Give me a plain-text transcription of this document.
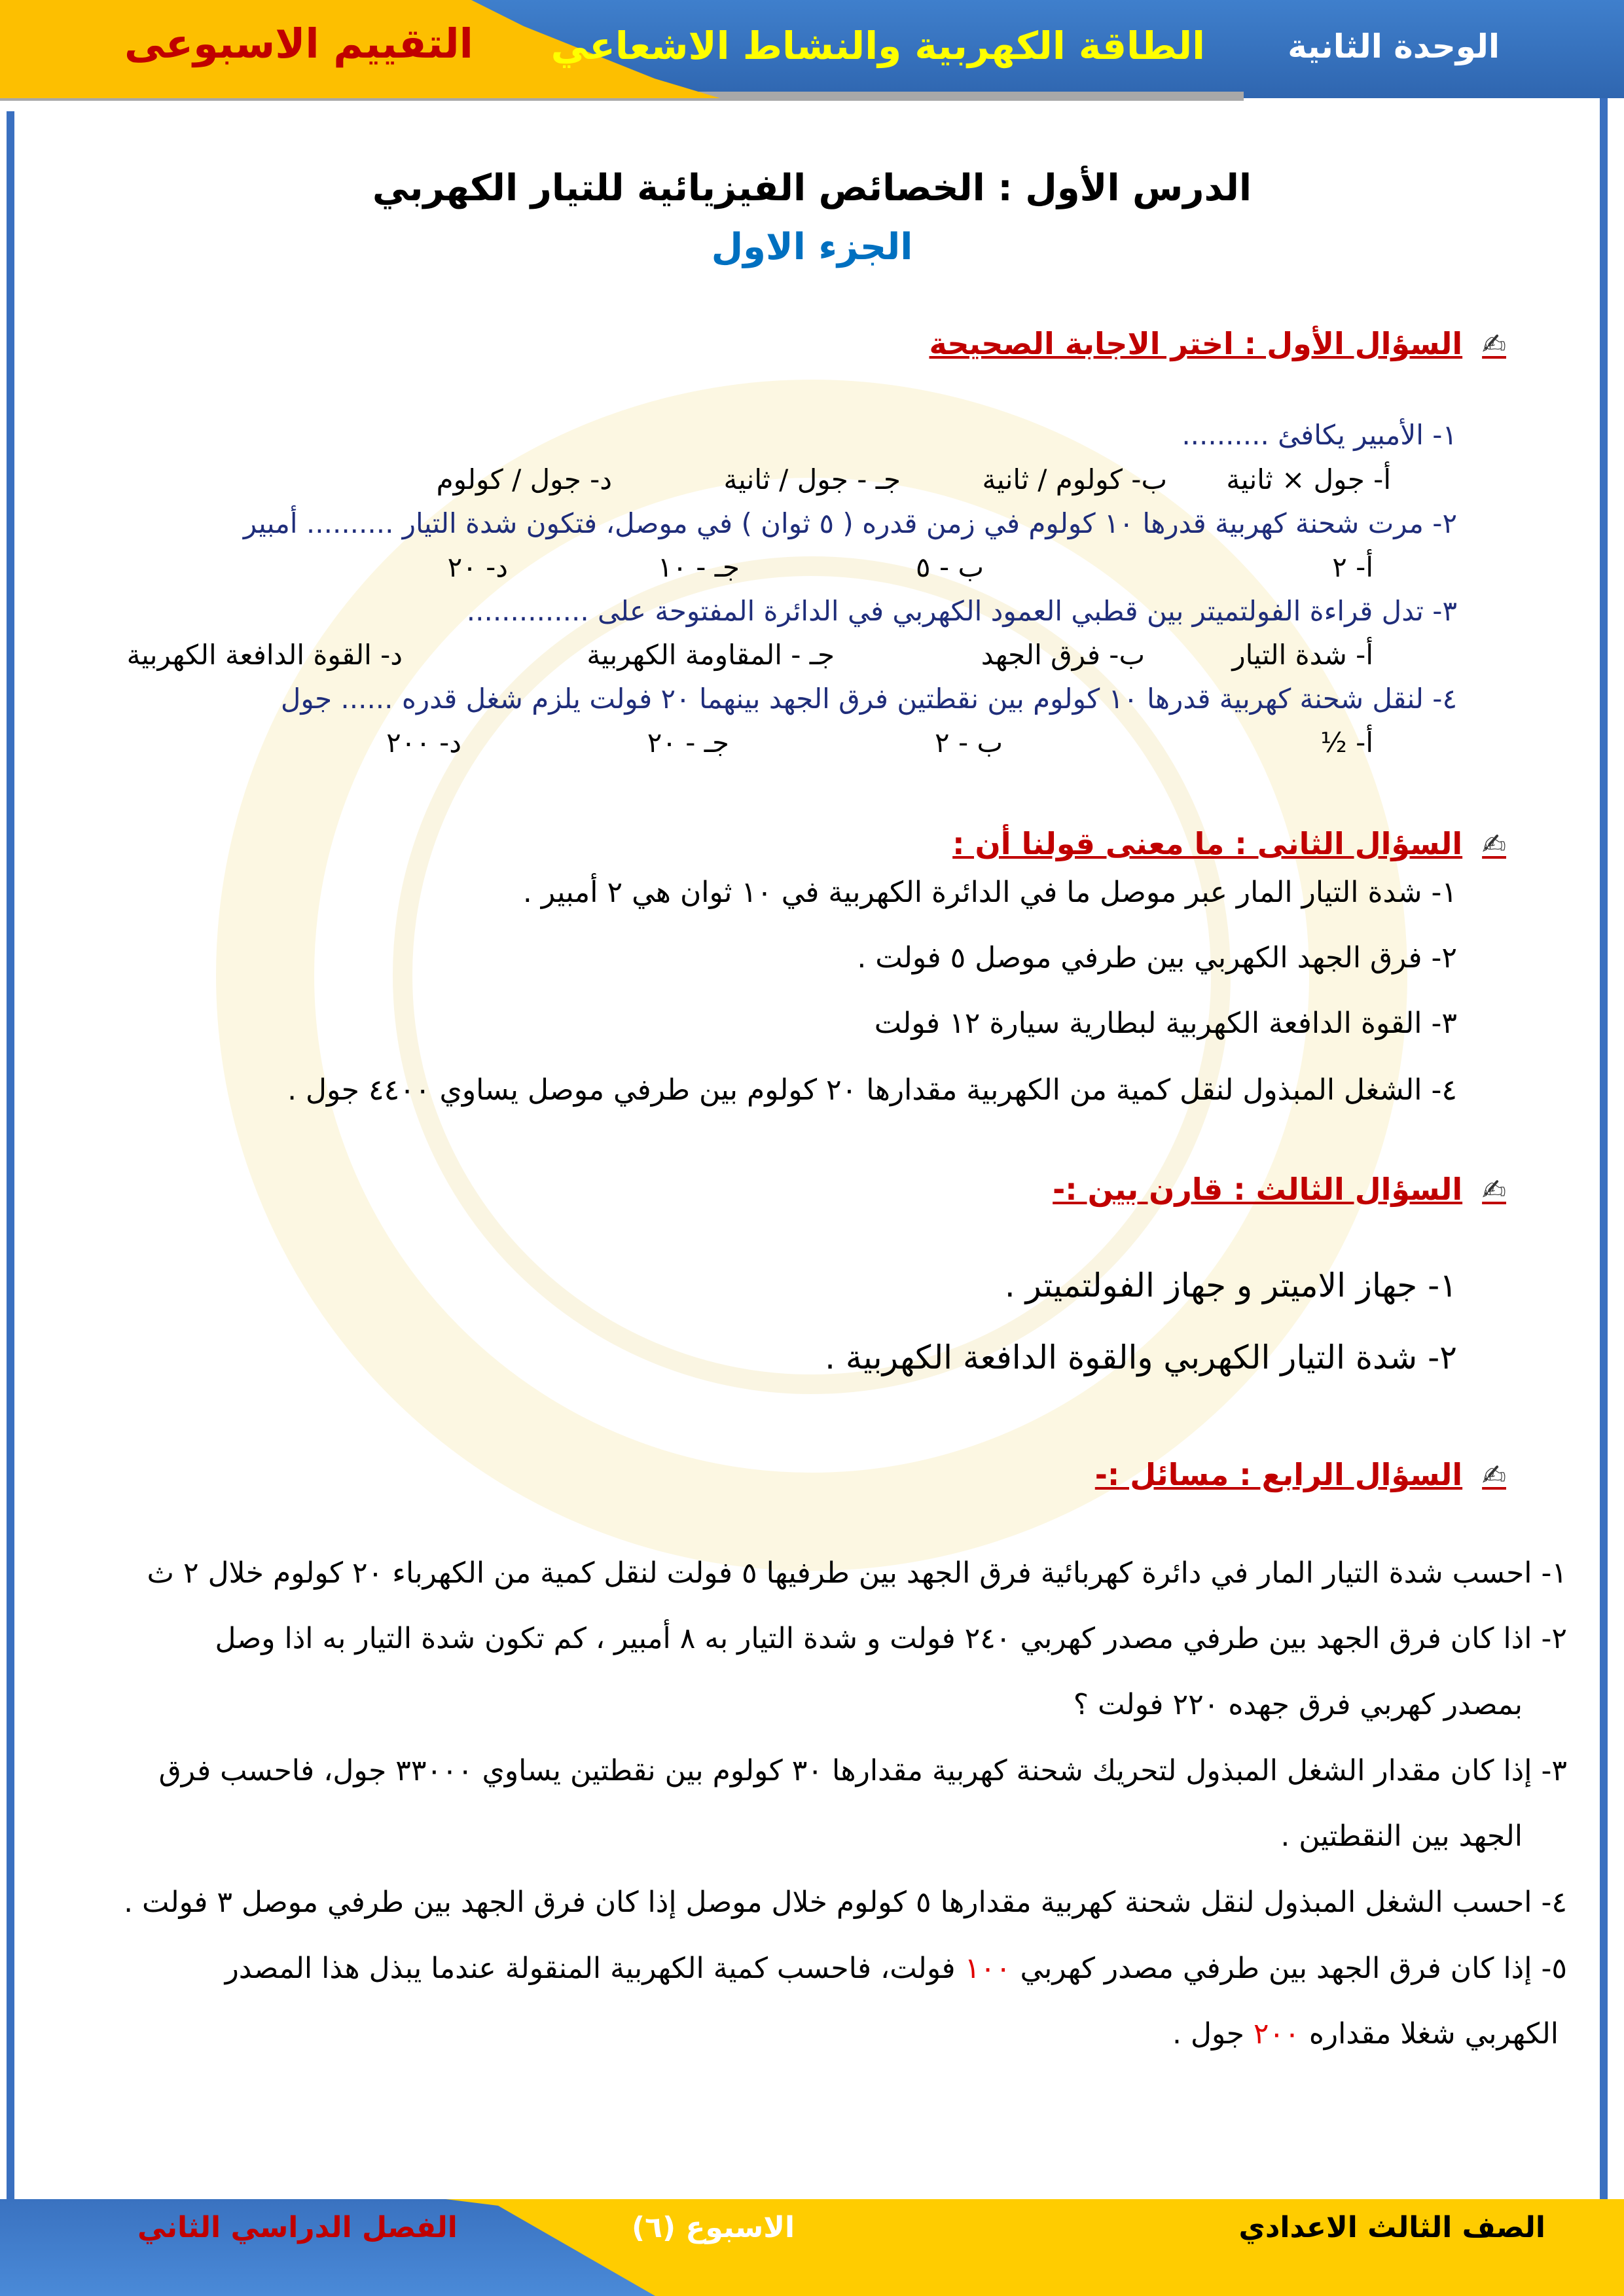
الوحدة الثانية
الطاقة الكهربية والنشاط الاشعاعي
التقييم الاسبوعى
الدرس الأول : الخصائص الفيزيائية للتيار الكهربي
الجزء الاول
✍السؤال الأول : اختر الاجابة الصحيحة
١- الأمبير يكافئ ..........
أ- جول × ثانية
ب- كولوم / ثانية
جـ - جول / ثانية
د- جول / كولوم
٢- مرت شحنة كهربية قدرها ١٠ كولوم في زمن قدره ( ٥ ثوان ) في موصل، فتكون شدة التيار .......... أمبير
أ- ٢
ب - ٥
جـ - ١٠
د- ٢٠
٣- تدل قراءة الفولتميتر بين قطبي العمود الكهربي في الدائرة المفتوحة على ..............
أ- شدة التيار
ب- فرق الجهد
جـ - المقاومة الكهربية
د- القوة الدافعة الكهربية
٤- لنقل شحنة كهربية قدرها ١٠ كولوم بين نقطتين فرق الجهد بينهما ٢٠ فولت يلزم شغل قدره ...... جول
أ- ½
ب - ٢
جـ - ٢٠
د- ٢٠٠
✍السؤال الثانى : ما معنى قولنا أن :
١- شدة التيار المار عبر موصل ما في الدائرة الكهربية في ١٠ ثوان هي ٢ أمبير .
٢- فرق الجهد الكهربي بين طرفي موصل ٥ فولت .
٣- القوة الدافعة الكهربية لبطارية سيارة ١٢ فولت
٤- الشغل المبذول لنقل كمية من الكهربية مقدارها ٢٠ كولوم بين طرفي موصل يساوي ٤٤٠٠ جول .
✍السؤال الثالث : قارن بين :-
١- جهاز الاميتر و جهاز الفولتميتر .
٢- شدة التيار الكهربي والقوة الدافعة الكهربية .
✍السؤال الرابع : مسائل :-
١- احسب شدة التيار المار في دائرة كهربائية فرق الجهد بين طرفيها ٥ فولت لنقل كمية من الكهرباء ٢٠ كولوم خلال ٢ ث
٢- اذا كان فرق الجهد بين طرفي مصدر كهربي ٢٤٠ فولت و شدة التيار به ٨ أمبير ، كم تكون شدة التيار به اذا وصل
بمصدر كهربي فرق جهده ٢٢٠ فولت ؟
٣- إذا كان مقدار الشغل المبذول لتحريك شحنة كهربية مقدارها ٣٠ كولوم بين نقطتين يساوي ٣٣٠٠٠ جول، فاحسب فرق
الجهد بين النقطتين .
٤- احسب الشغل المبذول لنقل شحنة كهربية مقدارها ٥ كولوم خلال موصل إذا كان فرق الجهد بين طرفي موصل ٣ فولت .
٥- إذا كان فرق الجهد بين طرفي مصدر كهربي ١٠٠ فولت، فاحسب كمية الكهربية المنقولة عندما يبذل هذا المصدر
الكهربي شغلا مقداره ٢٠٠ جول .
الصف الثالث الاعدادي
الاسبوع (٦)
الفصل الدراسي الثاني
